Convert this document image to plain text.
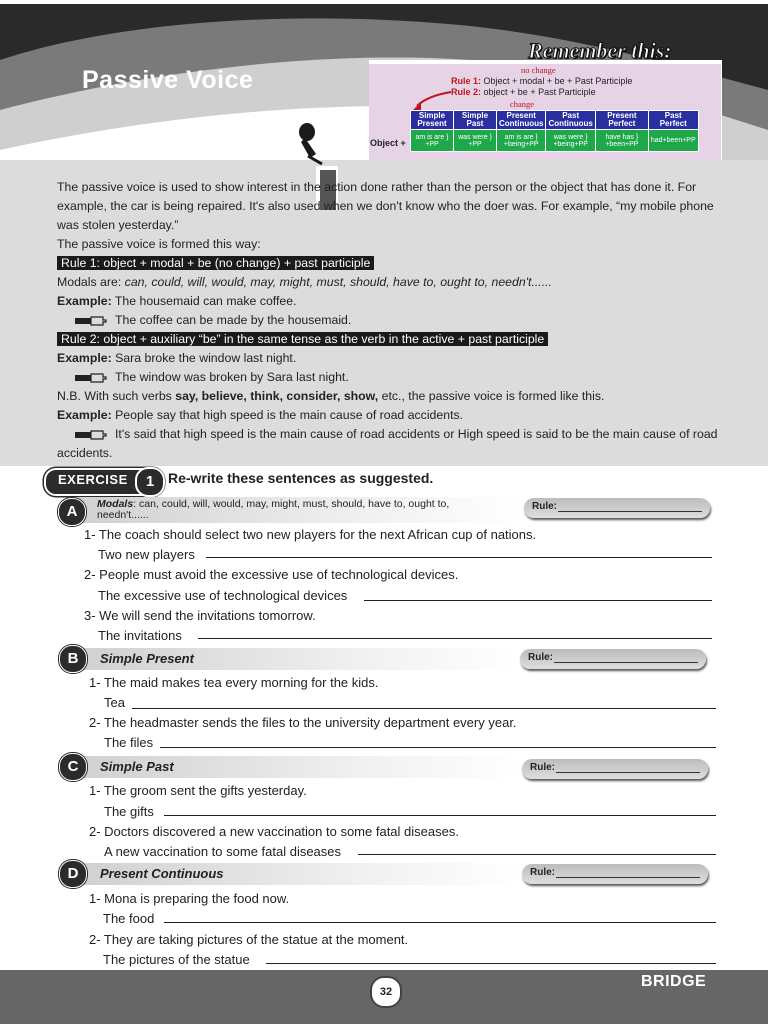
Passive Voice
Remember this:
no change
Rule 1: Object + modal + be + Past Participle
Rule 2: object + be + Past Participle
change
Object +
Simple Present	Simple Past	Present Continuous	Past Continuous	Present Perfect	Past Perfect
am is are } +PP	was were } +PP	am is are } +being+PP	was were } +being+PP	have has } +been+PP	had+been+PP

The passive voice is used to show interest in the action done rather than the person or the object that has done it. For example, the car is being repaired. It's also used when we don't know who the doer was. For example, “my mobile phone was stolen yesterday.”

The passive voice is formed this way:

Rule 1: object + modal + be (no change) + past participle

Modals are: can, could, will, would, may, might, must, should, have to, ought to, needn't......

Example: The housemaid can make coffee.

The coffee can be made by the housemaid.

Rule 2: object + auxiliary “be” in the same tense as the verb in the active + past participle

Example: Sara broke the window last night.

The window was broken by Sara last night.

N.B. With such verbs say, believe, think, consider, show, etc., the passive voice is formed like this.

Example: People say that high speed is the main cause of road accidents.

It's said that high speed is the main cause of road accidents or High speed is said to be the main cause of road accidents.

EXERCISE	1 Re-write these sentences as suggested.
A	Modals: can, could, will, would, may, might, must, should, have to, ought to, needn't......
Rule:
1- The coach should select two new players for the next African cup of nations.
Two new players
2- People must avoid the excessive use of technological devices.
The excessive use of technological devices
3- We will send the invitations tomorrow.
The invitations
B	Simple Present	Rule:
1- The maid makes tea every morning for the kids.
Tea
2- The headmaster sends the files to the university department every year.
The files
C	Simple Past	Rule:
1- The groom sent the gifts yesterday.
The gifts
2- Doctors discovered a new vaccination to some fatal diseases.
A new vaccination to some fatal diseases
D	Present Continuous	Rule:
1- Mona is preparing the food now.
The food
2- They are taking pictures of the statue at the moment.
The pictures of the statue
32
BRIDGE
